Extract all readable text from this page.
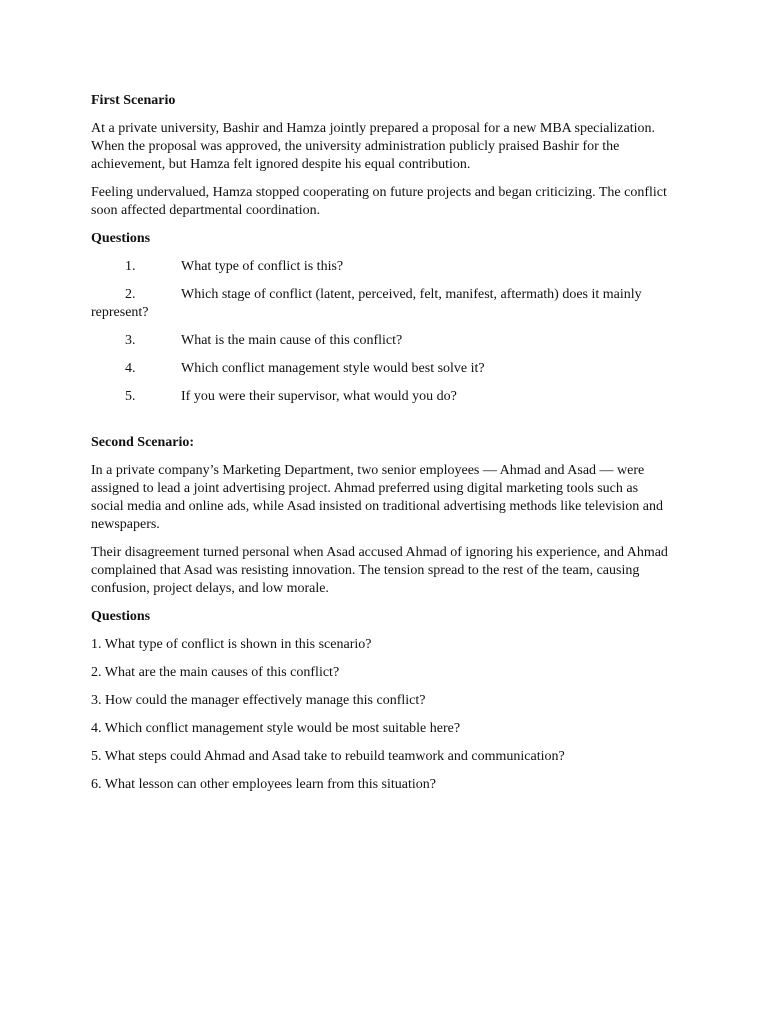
First Scenario
At a private university, Bashir and Hamza jointly prepared a proposal for a new MBA specialization. When the proposal was approved, the university administration publicly praised Bashir for the achievement, but Hamza felt ignored despite his equal contribution.
Feeling undervalued, Hamza stopped cooperating on future projects and began criticizing. The conflict soon affected departmental coordination.
Questions
1.	What type of conflict is this?
2.	Which stage of conflict (latent, perceived, felt, manifest, aftermath) does it mainly represent?
3.	What is the main cause of this conflict?
4.	Which conflict management style would best solve it?
5.	If you were their supervisor, what would you do?
Second Scenario:
In a private company’s Marketing Department, two senior employees — Ahmad and Asad — were assigned to lead a joint advertising project. Ahmad preferred using digital marketing tools such as social media and online ads, while Asad insisted on traditional advertising methods like television and newspapers.
Their disagreement turned personal when Asad accused Ahmad of ignoring his experience, and Ahmad complained that Asad was resisting innovation. The tension spread to the rest of the team, causing confusion, project delays, and low morale.
Questions
1. What type of conflict is shown in this scenario?
2. What are the main causes of this conflict?
3. How could the manager effectively manage this conflict?
4. Which conflict management style would be most suitable here?
5. What steps could Ahmad and Asad take to rebuild teamwork and communication?
6. What lesson can other employees learn from this situation?
